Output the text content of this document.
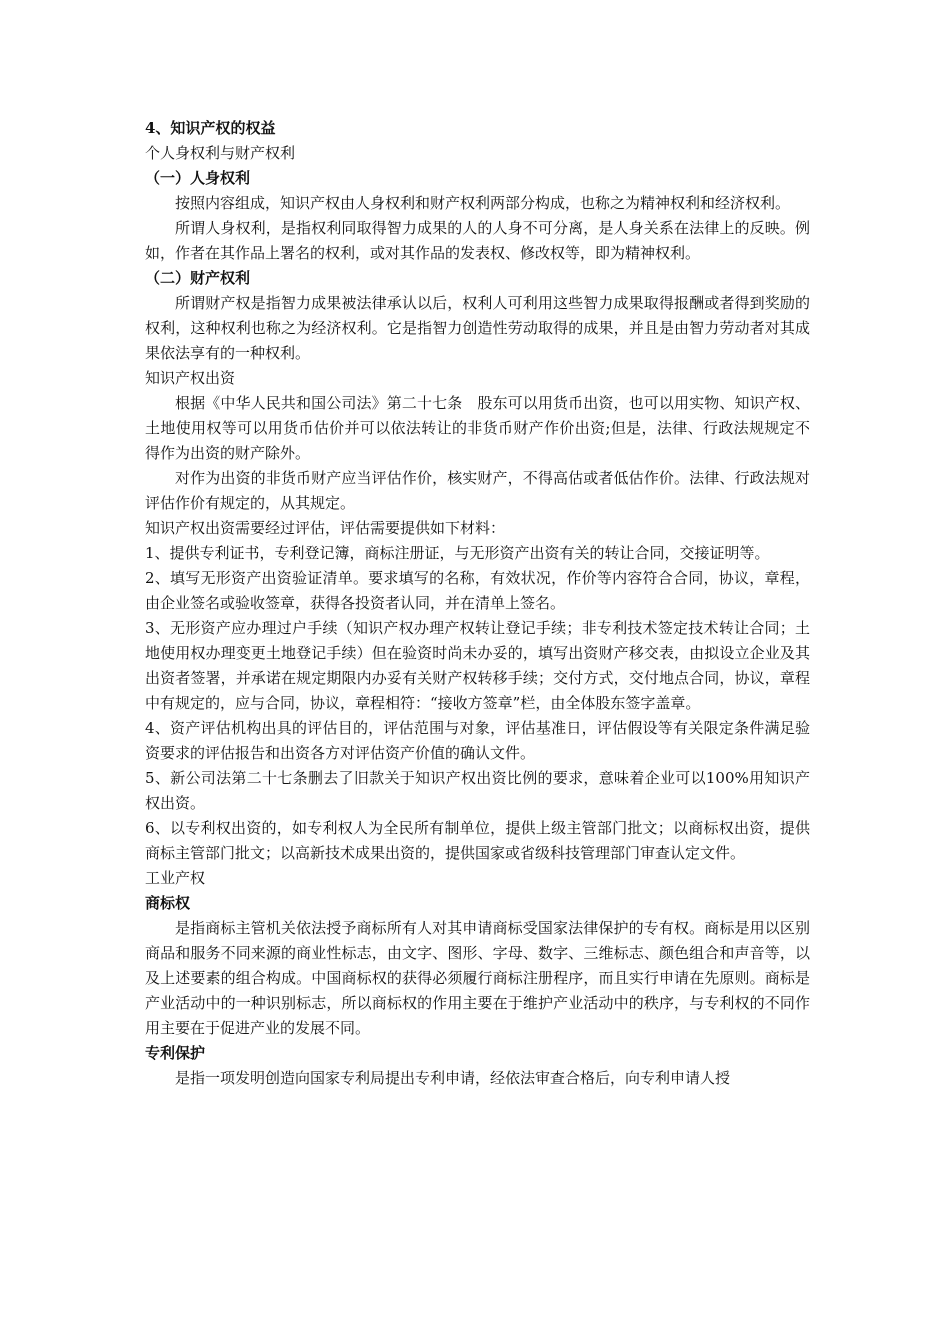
4、知识产权的权益
个人身权利与财产权利
（一）人身权利

按照内容组成，知识产权由人身权利和财产权利两部分构成，也称之为精神权利和经济权利。

所谓人身权利，是指权利同取得智力成果的人的人身不可分离，是人身关系在法律上的反映。例如，作者在其作品上署名的权利，或对其作品的发表权、修改权等，即为精神权利。

（二）财产权利

所谓财产权是指智力成果被法律承认以后，权利人可利用这些智力成果取得报酬或者得到奖励的权利，这种权利也称之为经济权利。它是指智力创造性劳动取得的成果，并且是由智力劳动者对其成果依法享有的一种权利。

知识产权出资

根据《中华人民共和国公司法》第二十七条　股东可以用货币出资，也可以用实物、知识产权、土地使用权等可以用货币估价并可以依法转让的非货币财产作价出资;但是，法律、行政法规规定不得作为出资的财产除外。

对作为出资的非货币财产应当评估作价，核实财产，不得高估或者低估作价。法律、行政法规对评估作价有规定的，从其规定。

知识产权出资需要经过评估，评估需要提供如下材料：

1、提供专利证书，专利登记簿，商标注册证，与无形资产出资有关的转让合同，交接证明等。

2、填写无形资产出资验证清单。要求填写的名称，有效状况，作价等内容符合合同，协议，章程，由企业签名或验收签章，获得各投资者认同，并在清单上签名。

3、无形资产应办理过户手续（知识产权办理产权转让登记手续；非专利技术签定技术转让合同；土地使用权办理变更土地登记手续）但在验资时尚未办妥的，填写出资财产移交表，由拟设立企业及其出资者签署，并承诺在规定期限内办妥有关财产权转移手续；交付方式，交付地点合同，协议，章程中有规定的，应与合同，协议，章程相符：“接收方签章”栏，由全体股东签字盖章。

4、资产评估机构出具的评估目的，评估范围与对象，评估基准日，评估假设等有关限定条件满足验资要求的评估报告和出资各方对评估资产价值的确认文件。

5、新公司法第二十七条删去了旧款关于知识产权出资比例的要求，意味着企业可以100%用知识产权出资。

6、以专利权出资的，如专利权人为全民所有制单位，提供上级主管部门批文；以商标权出资，提供商标主管部门批文；以高新技术成果出资的，提供国家或省级科技管理部门审查认定文件。

工业产权
商标权

是指商标主管机关依法授予商标所有人对其申请商标受国家法律保护的专有权。商标是用以区别商品和服务不同来源的商业性标志，由文字、图形、字母、数字、三维标志、颜色组合和声音等，以及上述要素的组合构成。中国商标权的获得必须履行商标注册程序，而且实行申请在先原则。商标是产业活动中的一种识别标志，所以商标权的作用主要在于维护产业活动中的秩序，与专利权的不同作用主要在于促进产业的发展不同。

专利保护

是指一项发明创造向国家专利局提出专利申请，经依法审查合格后，向专利申请人授
